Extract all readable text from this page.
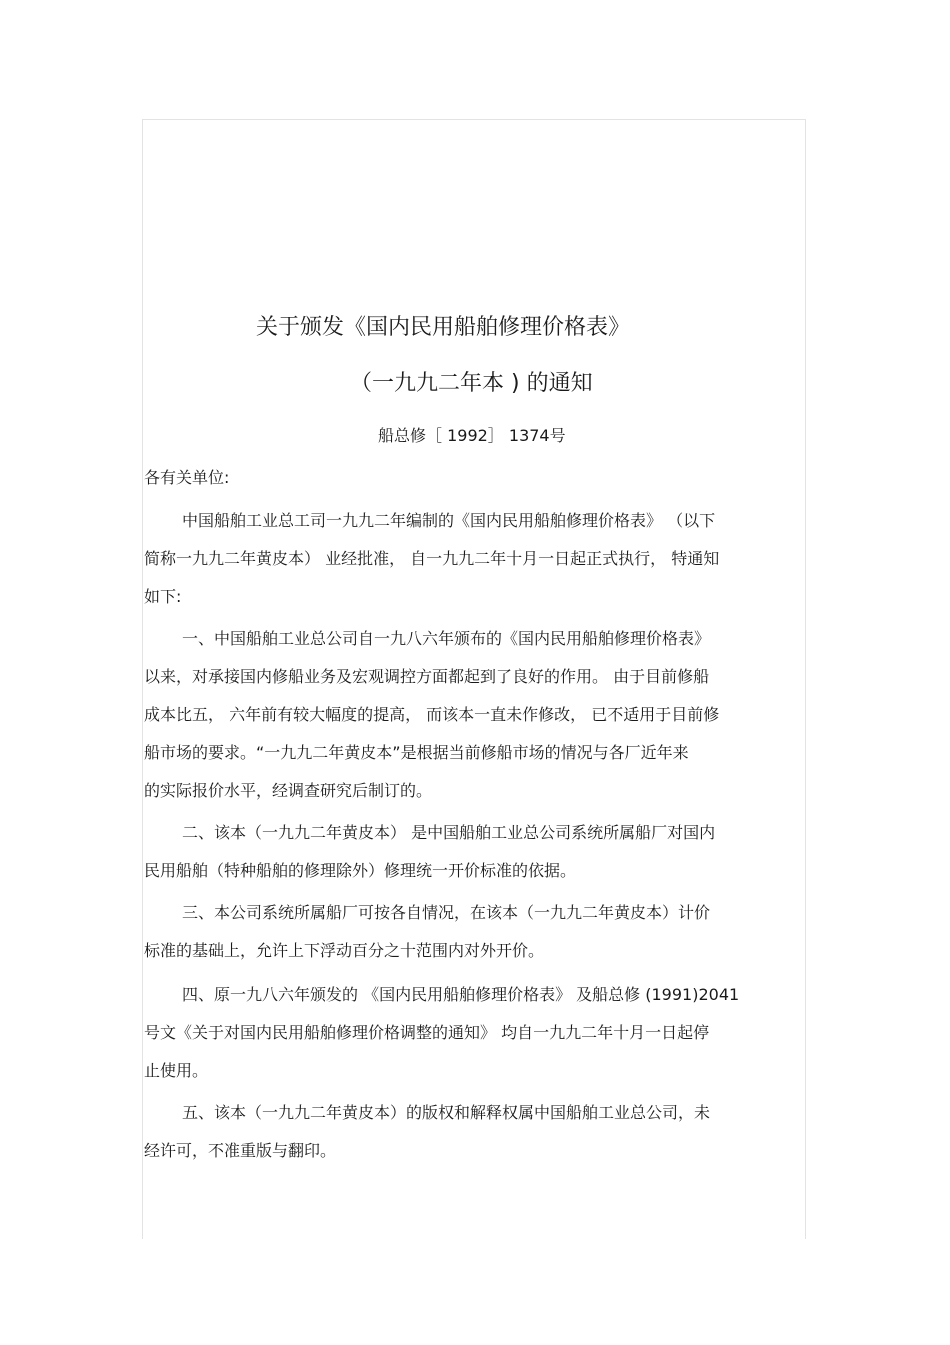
关于颁发《国内民用船舶修理价格表》
（一九九二年本 ) 的通知
船总修［ 1992］ 1374号
各有关单位:
中国船舶工业总工司一九九二年编制的《国内民用船舶修理价格表》 （以下
简称一九九二年黄皮本） 业经批准， 自一九九二年十月一日起正式执行， 特通知
如下:
一、中国船舶工业总公司自一九八六年颁布的《国内民用船舶修理价格表》
以来，对承接国内修船业务及宏观调控方面都起到了良好的作用。 由于目前修船
成本比五， 六年前有较大幅度的提高， 而该本一直未作修改， 已不适用于目前修
船市场的要求。“一九九二年黄皮本”是根据当前修船市场的情况与各厂近年来
的实际报价水平，经调查研究后制订的。
二、该本（一九九二年黄皮本） 是中国船舶工业总公司系统所属船厂对国内
民用船舶（特种船舶的修理除外）修理统一开价标准的依据。
三、本公司系统所属船厂可按各自情况，在该本（一九九二年黄皮本）计价
标准的基础上，允许上下浮动百分之十范围内对外开价。
四、原一九八六年颁发的 《国内民用船舶修理价格表》 及船总修 (1991)2041
号文《关于对国内民用船舶修理价格调整的通知》 均自一九九二年十月一日起停
止使用。
五、该本（一九九二年黄皮本）的版权和解释权属中国船舶工业总公司，未
经许可，不准重版与翻印。
